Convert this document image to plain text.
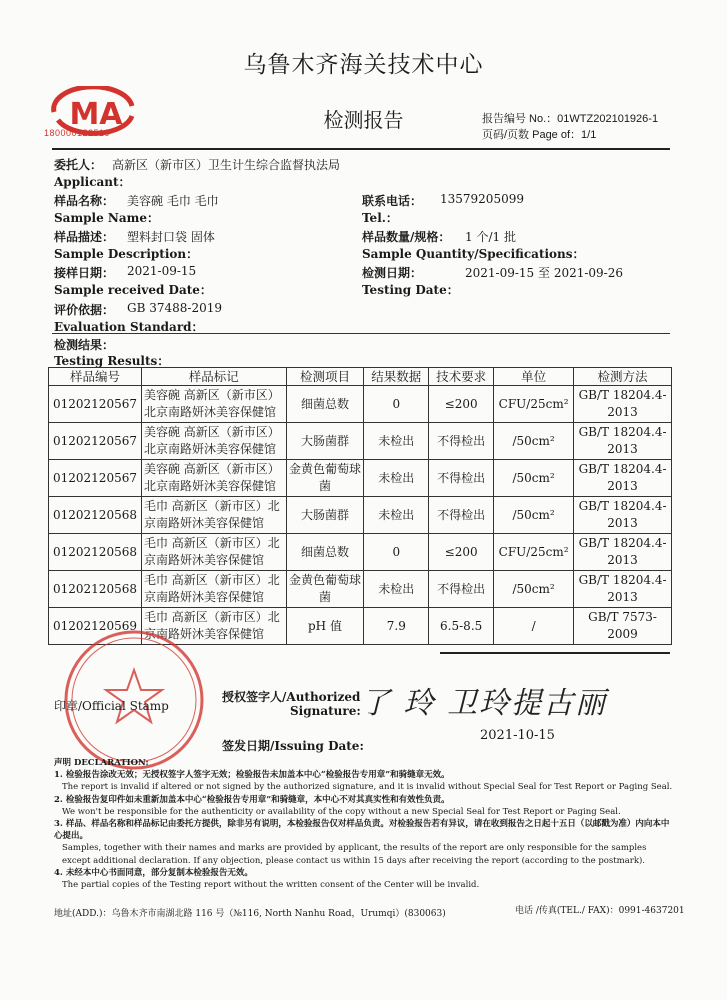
乌鲁木齐海关技术中心
MA
180000122519
检测报告	报告编号 No.：01WTZ202101926-1
页码/页数 Page of：1/1
委托人： 高新区（新市区）卫生计生综合监督执法局
Applicant：
样品名称： 美容碗 毛巾 毛巾
Sample Name：
联系电话： 13579205099
Tel.：
样品描述： 塑料封口袋 固体
Sample Description：
样品数量/规格： 1 个/1 批
Sample Quantity/Specifications：
接样日期： 2021-09-15
Sample received Date：
检测日期：	2021-09-15 至 2021-09-26
Testing Date：
评价依据： GB 37488-2019
Evaluation Standard：
检测结果：
Testing Results：
样品编号	样品标记	检测项目	结果数据	技术要求	单位	检测方法
01202120567	美容碗 高新区（新市区）北京南路妍沐美容保健馆	细菌总数	0	≤200	CFU/25cm²	GB/T 18204.4-2013
01202120567	美容碗 高新区（新市区）北京南路妍沐美容保健馆	大肠菌群	未检出	不得检出	/50cm²	GB/T 18204.4-2013
01202120567	美容碗 高新区（新市区）北京南路妍沐美容保健馆	金黄色葡萄球菌	未检出	不得检出	/50cm²	GB/T 18204.4-2013
01202120568	毛巾 高新区（新市区）北京南路妍沐美容保健馆	大肠菌群	未检出	不得检出	/50cm²	GB/T 18204.4-2013
01202120568	毛巾 高新区（新市区）北京南路妍沐美容保健馆	细菌总数	0	≤200	CFU/25cm²	GB/T 18204.4-2013
01202120568	毛巾 高新区（新市区）北京南路妍沐美容保健馆	金黄色葡萄球菌	未检出	不得检出	/50cm²	GB/T 18204.4-2013
01202120569	毛巾 高新区（新市区）北京南路妍沐美容保健馆	pH 值	7.9	6.5-8.5	/	GB/T 7573-2009
印章/Official Stamp
授权签字人/Authorized
Signature: 了 玲 卫玲提古丽
签发日期/Issuing Date:
2021-10-15
声明 DECLARATION:
1. 检验报告涂改无效；无授权签字人签字无效；检验报告未加盖本中心“检验报告专用章”和骑缝章无效。
The report is invalid if altered or not signed by the authorized signature, and it is invalid without Special Seal for Test Report or Paging Seal.
2. 检验报告复印件如未重新加盖本中心“检验报告专用章”和骑缝章，本中心不对其真实性和有效性负责。
We won't be responsible for the authenticity or availability of the copy without a new Special Seal for Test Report or Paging Seal.
3. 样品、样品名称和样品标记由委托方提供，除非另有说明，本检验报告仅对样品负责。对检验报告若有异议，请在收到报告之日起十五日（以邮戳为准）内向本中心提出。
Samples, together with their names and marks are provided by applicant, the results of the report are only responsible for the samples except additional declaration. If any objection, please contact us within 15 days after receiving the report (according to the postmark).
4. 未经本中心书面同意，部分复制本检验报告无效。
The partial copies of the Testing report without the written consent of the Center will be invalid.
地址(ADD.)：乌鲁木齐市南湖北路 116 号（№116, North Nanhu Road，Urumqi）(830063)	电话 /传真(TEL./ FAX)：0991-4637201
